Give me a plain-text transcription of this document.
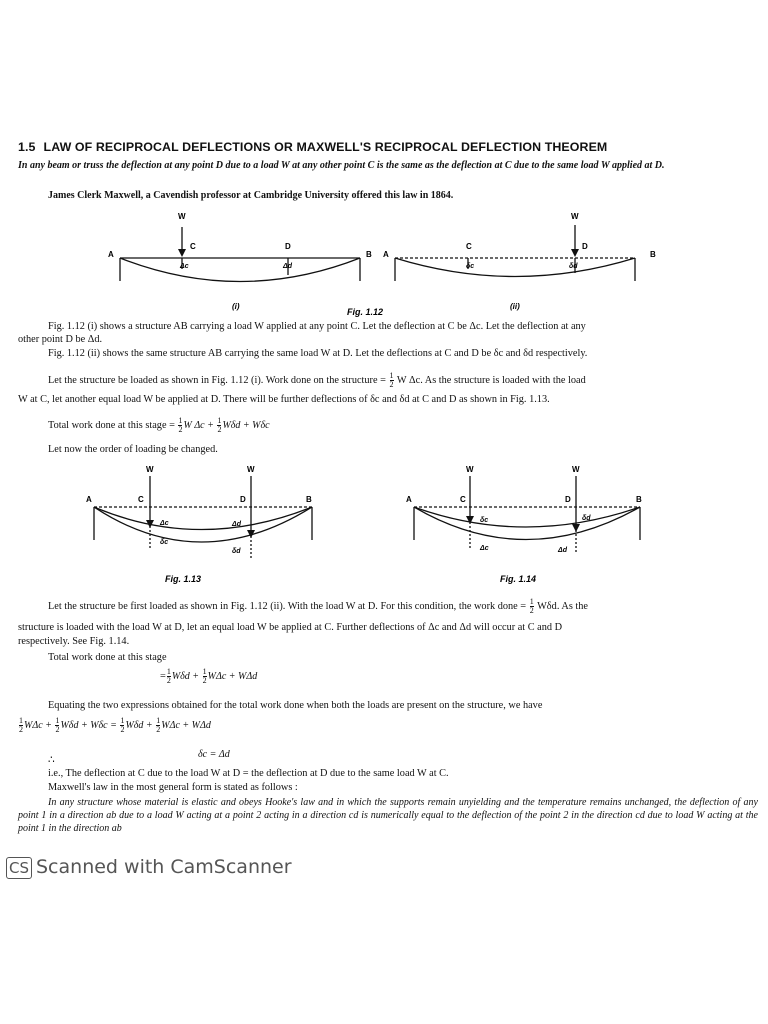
1.5 LAW OF RECIPROCAL DEFLECTIONS OR MAXWELL'S RECIPROCAL DEFLECTION THEOREM
In any beam or truss the deflection at any point D due to a load W at any other point C is the same as the deflection at C due to the same load W applied at D.
James Clerk Maxwell, a Cavendish professor at Cambridge University offered this law in 1864.
A	B
W
C	D
Δc	Δd
A	B
W
C	D
δc	δd
(i)	(ii)
Fig. 1.12
Fig. 1.12 (i) shows a structure AB carrying a load W applied at any point C. Let the deflection at C be Δc. Let the deflection at any
other point D be Δd.
Fig. 1.12 (ii) shows the same structure AB carrying the same load W at D. Let the deflections at C and D be δc and δd respectively.
Let the structure be loaded as shown in Fig. 1.12 (i). Work done on the structure = $\frac{1}{2}$ W Δc. As the structure is loaded with the load
W at C, let another equal load W be applied at D. There will be further deflections of δc and δd at C and D as shown in Fig. 1.13.
Total work done at this stage = $\frac{1}{2}$ W $\Delta c + \frac{1}{2}$ Wδd + Wδc
Let now the order of loading be changed.
W	W
A	B
C	D
Δc	Δd
δc
δd
Fig. 1.13
W	W
A	B
C	D
δc	δd
Δc	Δd
Fig. 1.14
Let the structure be first loaded as shown in Fig. 1.12 (ii). With the load W at D. For this condition, the work done = $\frac{1}{2} W\delta d$. As the
structure is loaded with the load W at D, let an equal load W be applied at C. Further deflections of Δc and Δd will occur at C and D
respectively. See Fig. 1.14.
Total work done at this stage
= $\frac{1}{2}$ $W\delta d + \frac{1}{2}$ WΔc + WΔd
Equating the two expressions obtained for the total work done when both the loads are present on the structure, we have
$\frac{1}{2}$ $W\Delta c + \frac{1}{2}$ $W\delta d + W\delta c = \frac{1}{2}$ $W\delta d + \frac{1}{2}$ WΔc + WΔd
∴
δc = Δd
i.e., The deflection at C due to the load W at D = the deflection at D due to the same load W at C.
Maxwell's law in the most general form is stated as follows :
In any structure whose material is elastic and obeys Hooke's law and in which the supports remain unyielding and the temperature remains unchanged, the deflection of any point 1 in a direction ab due to a load W acting at a point 2 acting in a direction cd is numerically equal to the deflection of the point 2 in the direction cd due to load W acting at the point 1 in the direction ab
CS Scanned with CamScanner
